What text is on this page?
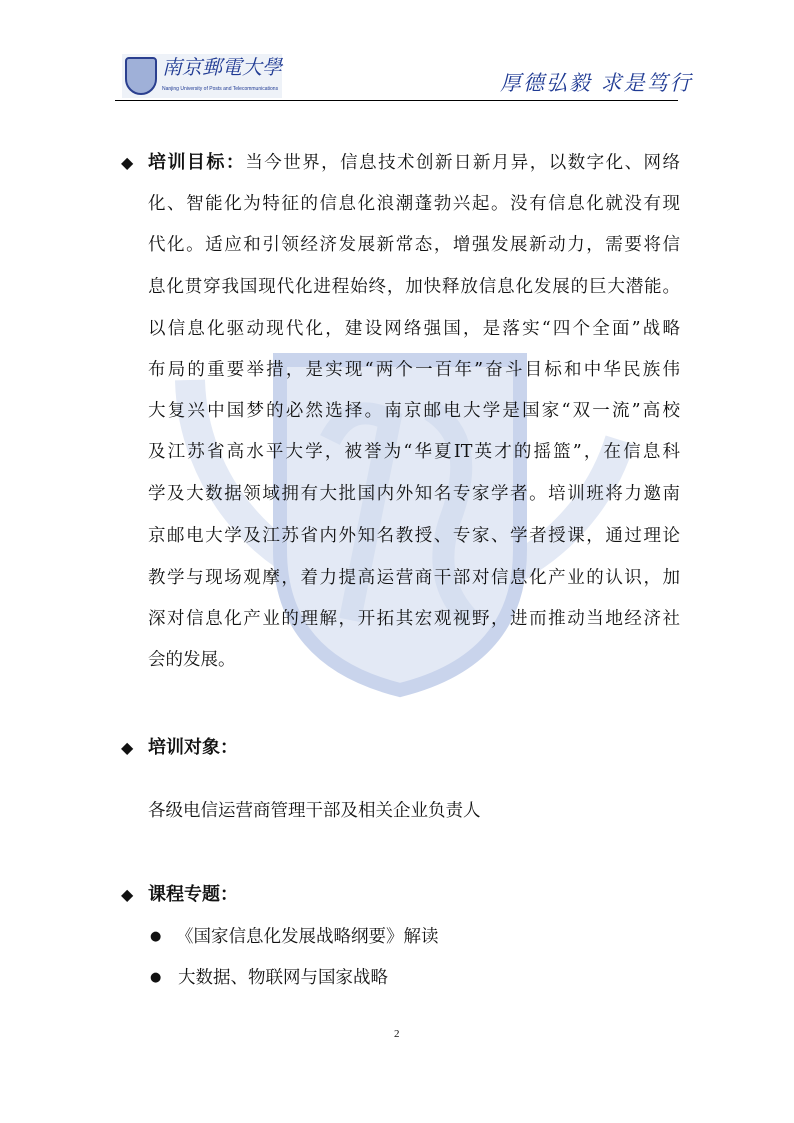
南京郵電大學
Nanjing University of Posts and Telecommunications	厚德弘毅 求是笃行
◆ 培训目标：当今世界，信息技术创新日新月异，以数字化、网络
化、智能化为特征的信息化浪潮蓬勃兴起。没有信息化就没有现
代化。适应和引领经济发展新常态，增强发展新动力，需要将信
息化贯穿我国现代化进程始终，加快释放信息化发展的巨大潜能。
以信息化驱动现代化，建设网络强国，是落实“四个全面”战略
布局的重要举措，是实现“两个一百年”奋斗目标和中华民族伟
大复兴中国梦的必然选择。南京邮电大学是国家“双一流”高校
及江苏省高水平大学，被誉为“华夏IT英才的摇篮”，在信息科
学及大数据领域拥有大批国内外知名专家学者。培训班将力邀南
京邮电大学及江苏省内外知名教授、专家、学者授课，通过理论
教学与现场观摩，着力提高运营商干部对信息化产业的认识，加
深对信息化产业的理解，开拓其宏观视野，进而推动当地经济社
会的发展。
◆ 培训对象：
各级电信运营商管理干部及相关企业负责人
◆ 课程专题：
● 《国家信息化发展战略纲要》解读
● 大数据、物联网与国家战略
2
